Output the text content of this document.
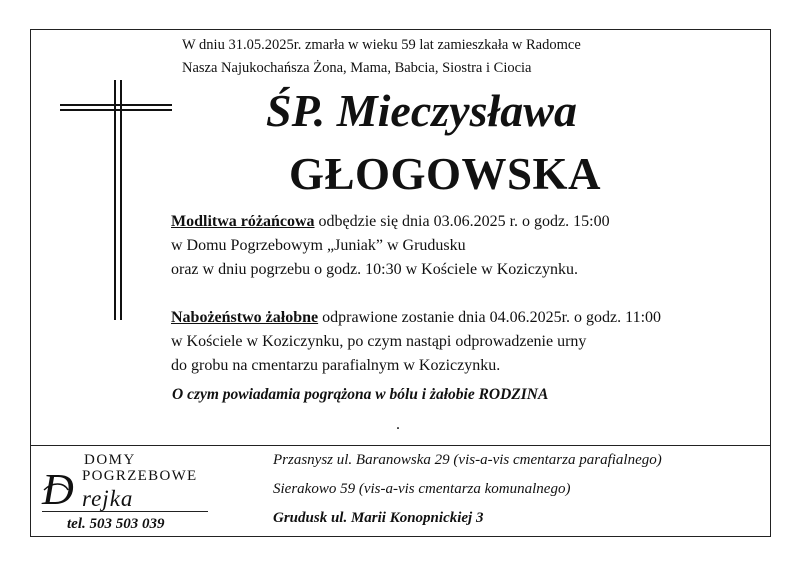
W dniu 31.05.2025r. zmarła w wieku 59 lat zamieszkała w Radomce
Nasza Najukochańsza Żona, Mama, Babcia, Siostra i Ciocia
ŚP. Mieczysława
GŁOGOWSKA
Modlitwa różańcowa odbędzie się dnia 03.06.2025 r. o godz. 15:00
w Domu Pogrzebowym „Juniak” w Grudusku
oraz w dniu pogrzebu o godz. 10:30 w Kościele w Koziczynku.
Nabożeństwo żałobne odprawione zostanie dnia 04.06.2025r. o godz. 11:00
w Kościele w Koziczynku, po czym nastąpi odprowadzenie urny
do grobu na cmentarzu parafialnym w Koziczynku.
O czym powiadamia pogrążona w bólu i żałobie RODZINA
.
DOMY
POGRZEBOWE
D rejka
tel. 503 503 039
Przasnysz ul. Baranowska 29 (vis-a-vis cmentarza parafialnego)
Sierakowo 59 (vis-a-vis cmentarza komunalnego)
Grudusk ul. Marii Konopnickiej 3
